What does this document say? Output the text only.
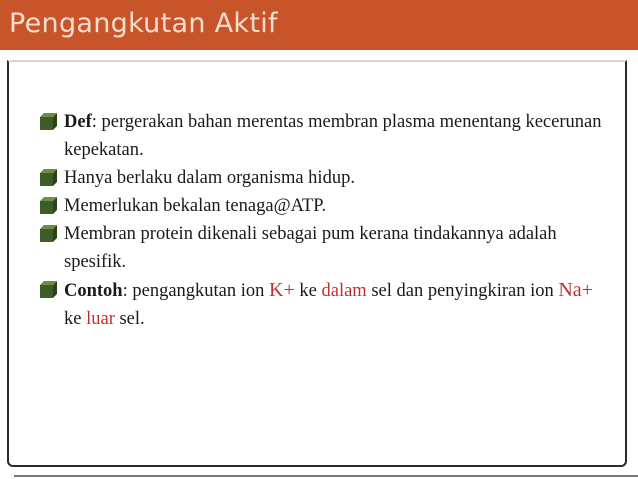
Pengangkutan Aktif
Def: pergerakan bahan merentas membran plasma menentang kecerunan kepekatan.
Hanya berlaku dalam organisma hidup.
Memerlukan bekalan tenaga@ATP.
Membran protein dikenali sebagai pum kerana tindakannya adalah spesifik.
Contoh: pengangkutan ion K+ ke dalam sel dan penyingkiran ion Na+ ke luar sel.
